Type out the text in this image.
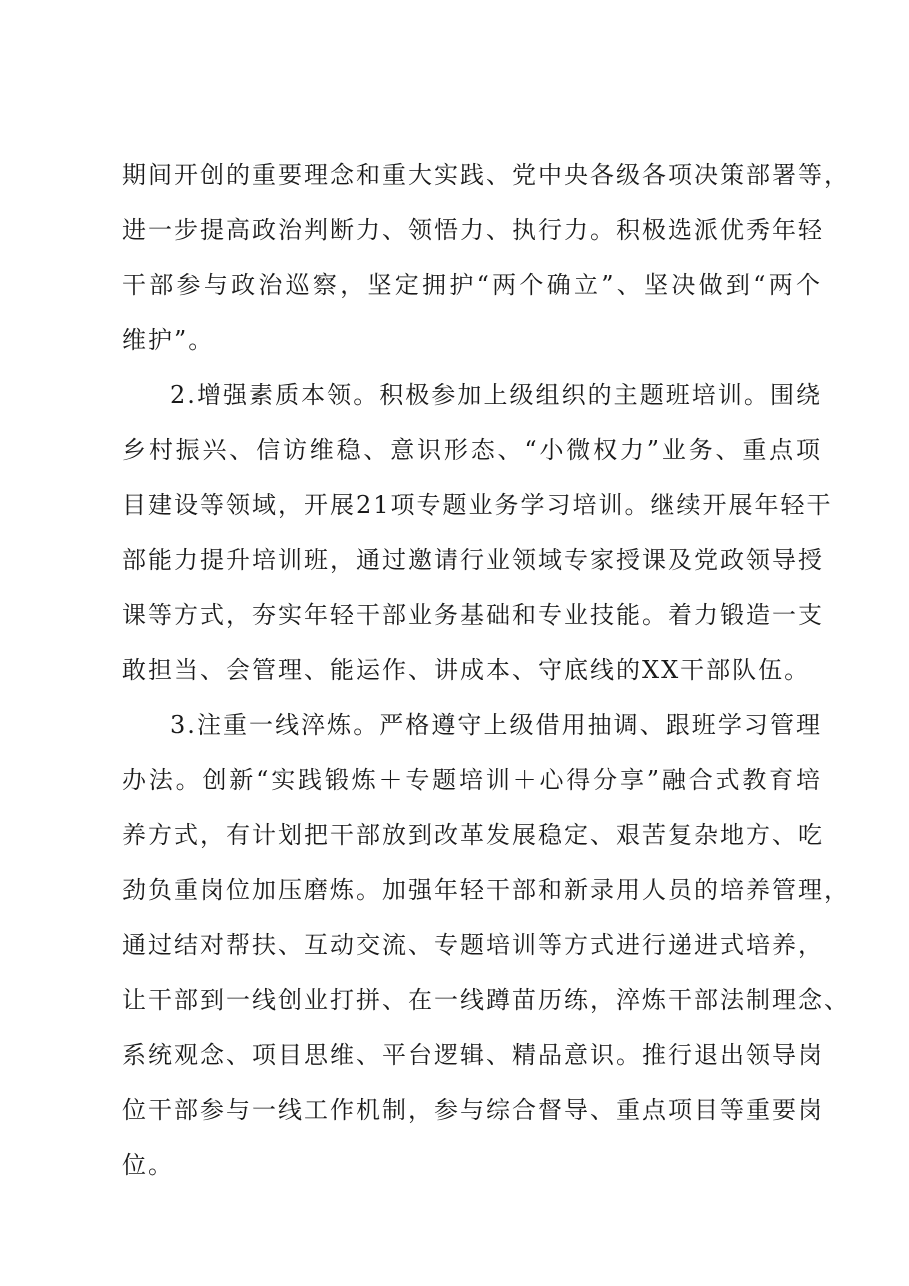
期间开创的重要理念和重大实践、党中央各级各项决策部署等，
进一步提高政治判断力、领悟力、执行力。积极选派优秀年轻
干部参与政治巡察，坚定拥护“两个确立”、坚决做到“两个
维护”。
2.增强素质本领。积极参加上级组织的主题班培训。围绕
乡村振兴、信访维稳、意识形态、“小微权力”业务、重点项
目建设等领域，开展21项专题业务学习培训。继续开展年轻干
部能力提升培训班，通过邀请行业领域专家授课及党政领导授
课等方式，夯实年轻干部业务基础和专业技能。着力锻造一支
敢担当、会管理、能运作、讲成本、守底线的XX干部队伍。
3.注重一线淬炼。严格遵守上级借用抽调、跟班学习管理
办法。创新“实践锻炼＋专题培训＋心得分享”融合式教育培
养方式，有计划把干部放到改革发展稳定、艰苦复杂地方、吃
劲负重岗位加压磨炼。加强年轻干部和新录用人员的培养管理，
通过结对帮扶、互动交流、专题培训等方式进行递进式培养，
让干部到一线创业打拼、在一线蹲苗历练，淬炼干部法制理念、
系统观念、项目思维、平台逻辑、精品意识。推行退出领导岗
位干部参与一线工作机制，参与综合督导、重点项目等重要岗
位。
